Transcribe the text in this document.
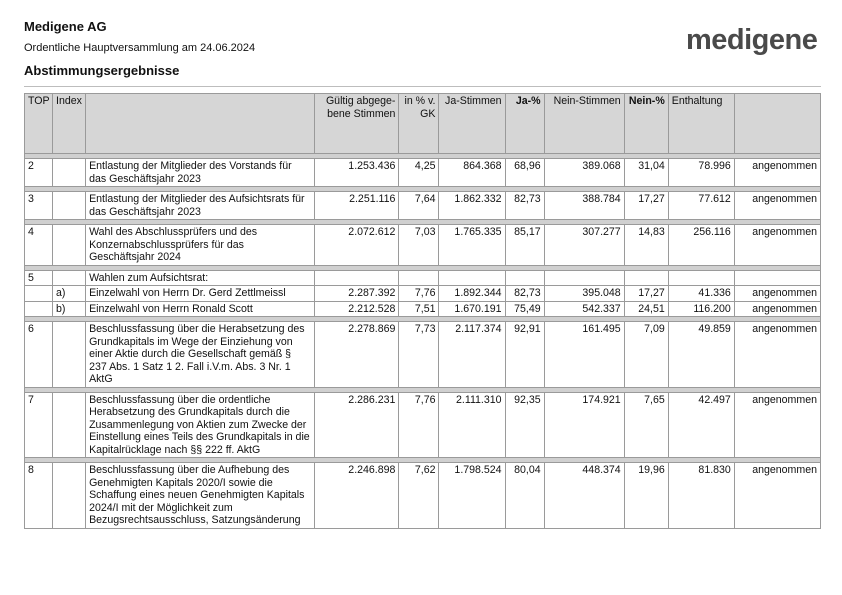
Medigene AG
Ordentliche Hauptversammlung am 24.06.2024
Abstimmungsergebnisse
medigene
TOP	Index		Gültig abgege-bene Stimmen	in % v. GK	Ja-Stimmen	Ja-%	Nein-Stimmen	Nein-%	Enthaltung	

2		Entlastung der Mitglieder des Vorstands für das Geschäftsjahr 2023	1.253.436	4,25	864.368	68,96	389.068	31,04	78.996	angenommen

3		Entlastung der Mitglieder des Aufsichtsrats für das Geschäftsjahr 2023	2.251.116	7,64	1.862.332	82,73	388.784	17,27	77.612	angenommen

4		Wahl des Abschlussprüfers und des Konzernabschlussprüfers für das Geschäftsjahr 2024	2.072.612	7,03	1.765.335	85,17	307.277	14,83	256.116	angenommen

5		Wahlen zum Aufsichtsrat:								
	a)	Einzelwahl von Herrn Dr. Gerd Zettlmeissl	2.287.392	7,76	1.892.344	82,73	395.048	17,27	41.336	angenommen
	b)	Einzelwahl von Herrn Ronald Scott	2.212.528	7,51	1.670.191	75,49	542.337	24,51	116.200	angenommen

6		Beschlussfassung über die Herabsetzung des Grundkapitals im Wege der Einziehung von einer Aktie durch die Gesellschaft gemäß § 237 Abs. 1 Satz 1 2. Fall i.V.m. Abs. 3 Nr. 1 AktG	2.278.869	7,73	2.117.374	92,91	161.495	7,09	49.859	angenommen

7		Beschlussfassung über die ordentliche Herabsetzung des Grundkapitals durch die Zusammenlegung von Aktien zum Zwecke der Einstellung eines Teils des Grundkapitals in die Kapitalrücklage nach §§ 222 ff. AktG	2.286.231	7,76	2.111.310	92,35	174.921	7,65	42.497	angenommen

8		Beschlussfassung über die Aufhebung des Genehmigten Kapitals 2020/I sowie die Schaffung eines neuen Genehmigten Kapitals 2024/I mit der Möglichkeit zum Bezugsrechtsausschluss, Satzungsänderung	2.246.898	7,62	1.798.524	80,04	448.374	19,96	81.830	angenommen
